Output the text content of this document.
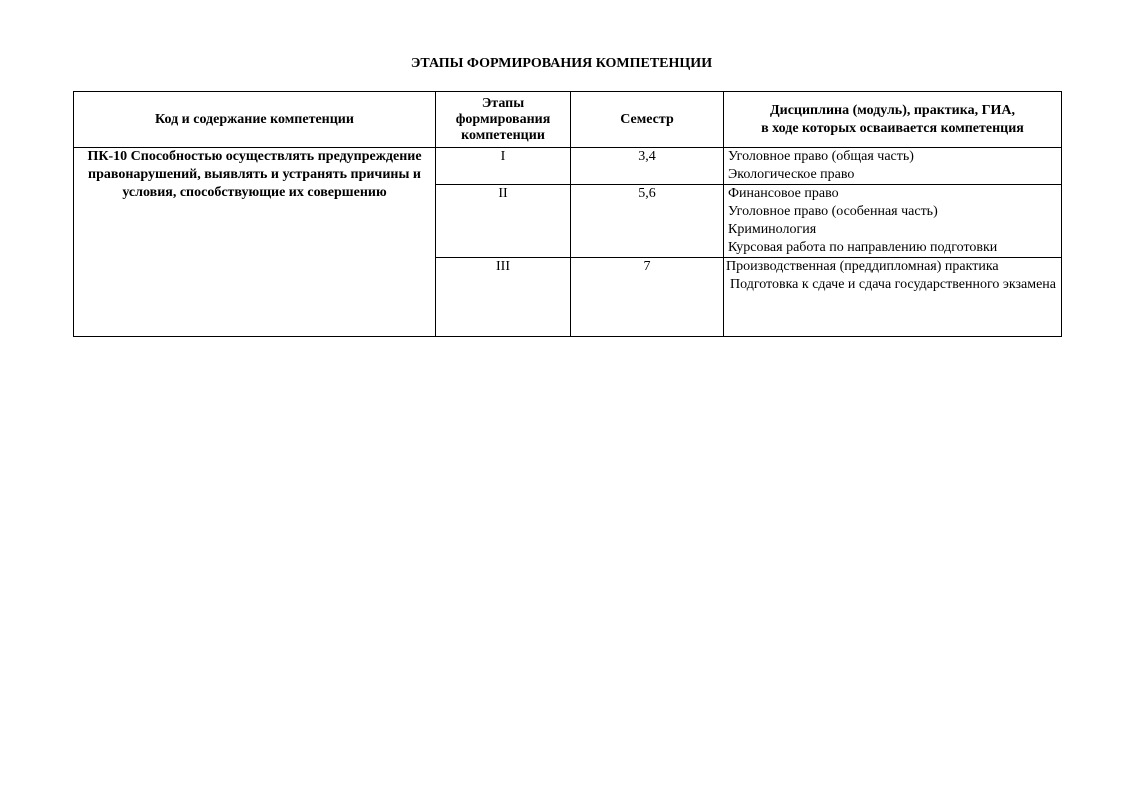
ЭТАПЫ ФОРМИРОВАНИЯ КОМПЕТЕНЦИИ
Код и содержание компетенции	Этапы формирования компетенции	Семестр	Дисциплина (модуль), практика, ГИА,
в ходе которых осваивается компетенция
ПК-10 Способностью осуществлять предупреждение правонарушений, выявлять и устранять причины и условия, способствующие их совершению	I	3,4	Уголовное право (общая часть)
Экологическое право

	II	5,6	Финансовое право
Уголовное право (особенная часть)
Криминология
Курсовая работа по направлению подготовки

	III	7	Производственная (преддипломная) практика
Подготовка к сдаче и сдача государственного экзамена
